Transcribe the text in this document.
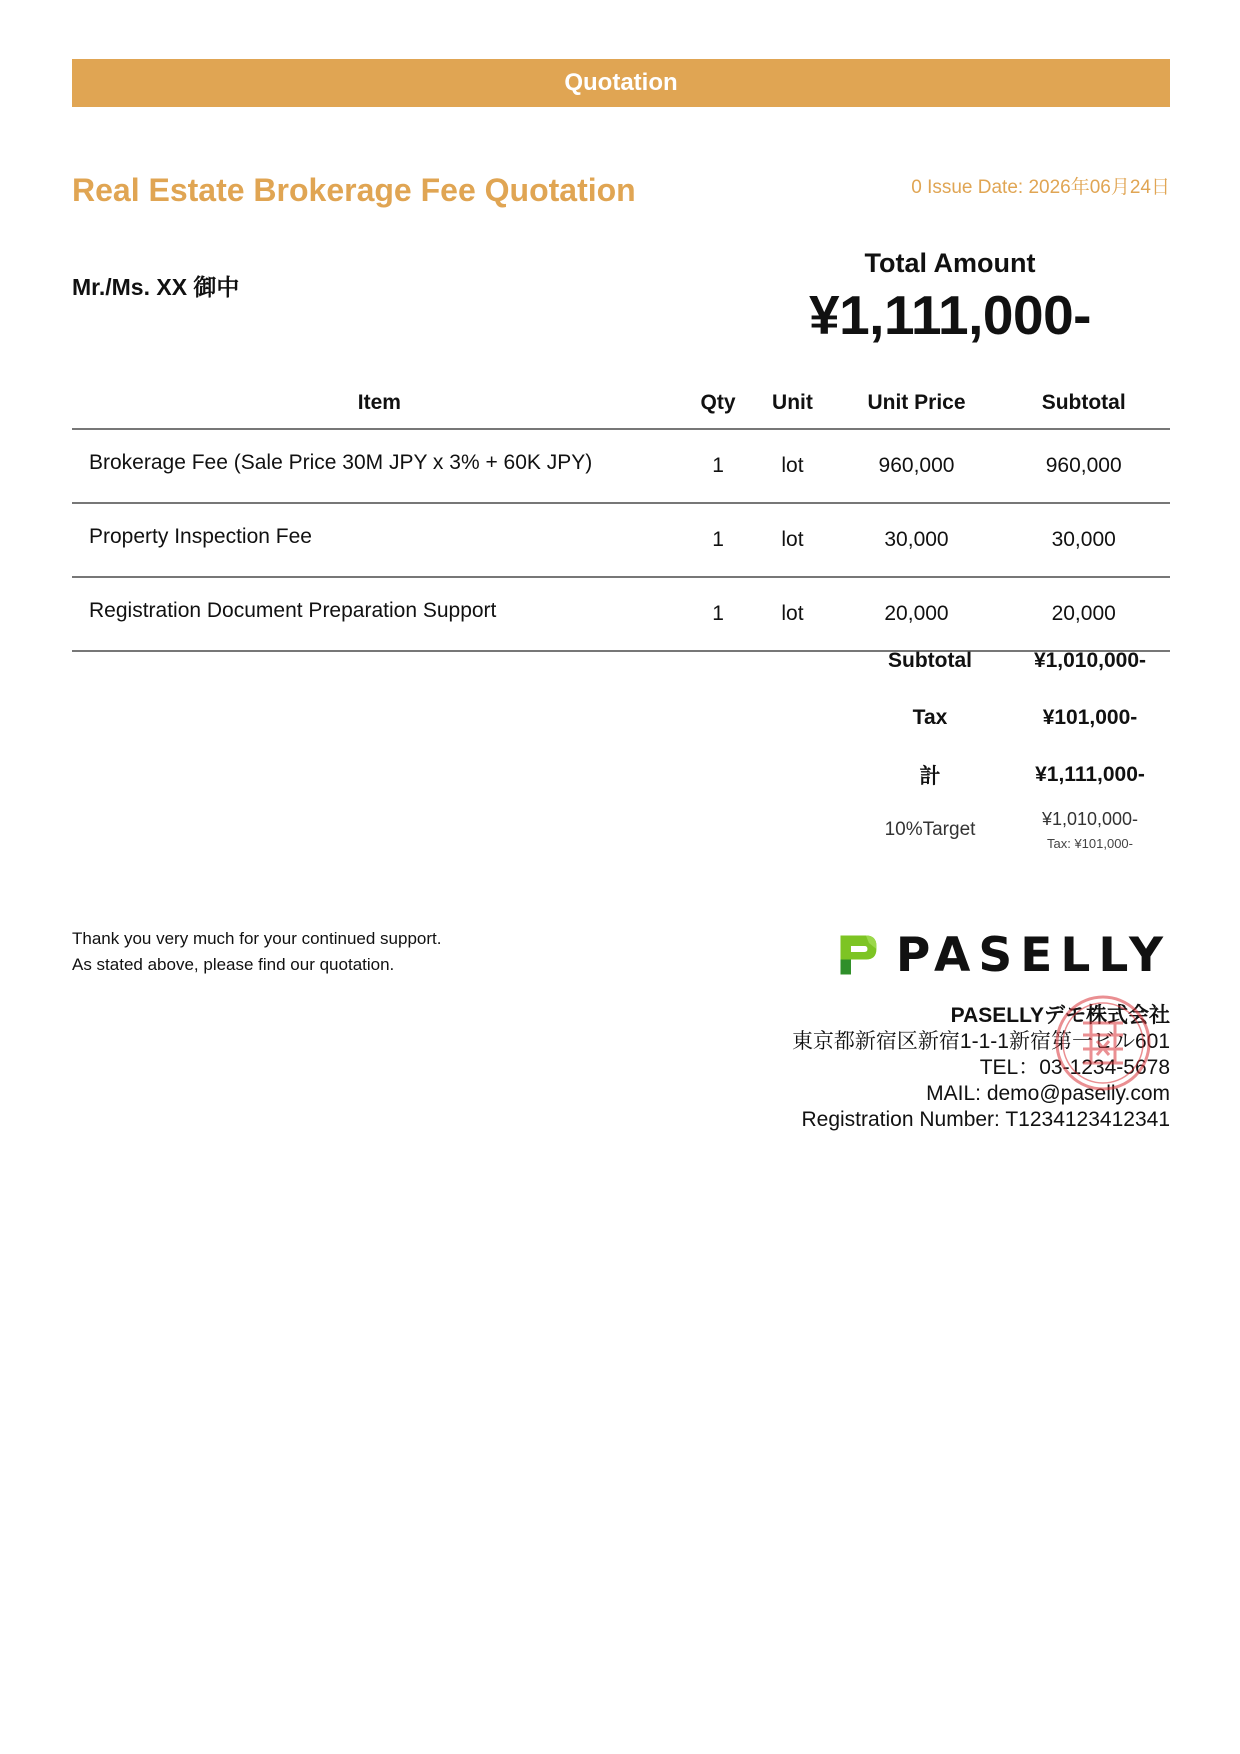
Quotation
Real Estate Brokerage Fee Quotation	0 Issue Date: 2026年06月24日
Mr./Ms. XX 御中
Total Amount
¥1,111,000-
Item	Qty	Unit	Unit Price	Subtotal
Brokerage Fee (Sale Price 30M JPY x 3% + 60K JPY)	1	lot	960,000	960,000
Property Inspection Fee	1	lot	30,000	30,000
Registration Document Preparation Support	1	lot	20,000	20,000
Subtotal	¥1,010,000-
Tax	¥101,000-
計	¥1,111,000-
10%Target	¥1,010,000-
Tax: ¥101,000-
Thank you very much for your continued support.
As stated above, please find our quotation.	PASELLY
PASELLYデモ株式会社
東京都新宿区新宿1-1-1新宿第一ビル601
TEL：03-1234-5678
MAIL: demo@paselly.com
Registration Number: T1234123412341
